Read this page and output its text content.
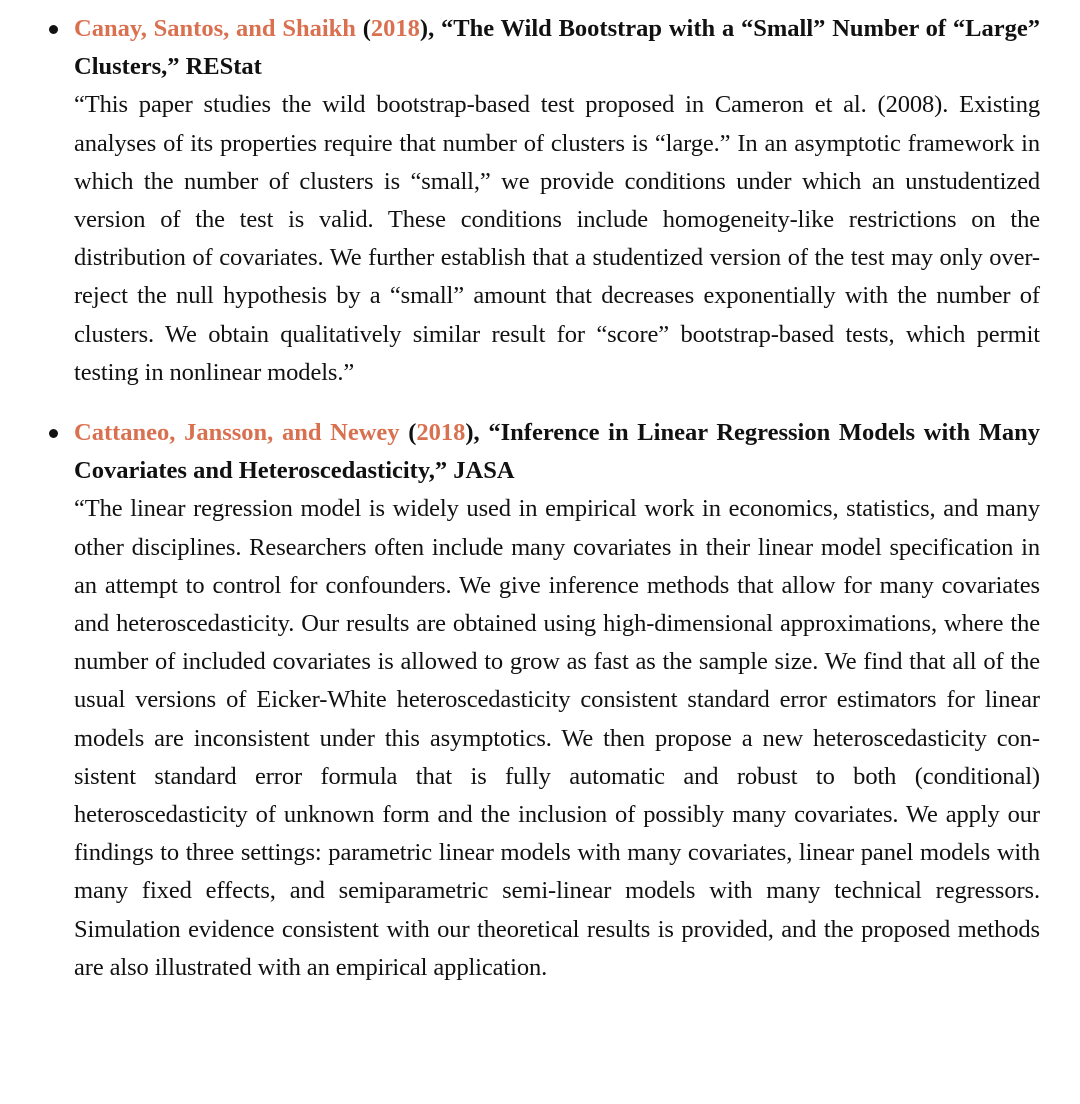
Canay, Santos, and Shaikh (2018), “The Wild Bootstrap with a “Small” Number of “Large” Clusters,” REStat
“This paper studies the wild bootstrap-based test proposed in Cameron et al. (2008). Existing analyses of its properties require that number of clusters is “large.” In an asymptotic framework in which the number of clusters is “small,” we provide conditions under which an unstudentized version of the test is valid. These conditions include homogeneity-like restrictions on the distribution of covariates. We further establish that a studentized version of the test may only over-reject the null hypothesis by a “small” amount that decreases exponentially with the number of clusters. We obtain qualitatively similar result for “score” bootstrap-based tests, which permit testing in nonlinear models.”
Cattaneo, Jansson, and Newey (2018), “Inference in Linear Regression Models with Many Covariates and Heteroscedasticity,” JASA
“The linear regression model is widely used in empirical work in economics, statistics, and many other disciplines. Researchers often include many covariates in their linear model specification in an attempt to control for confounders. We give inference methods that allow for many covariates and heteroscedasticity. Our results are obtained using high-dimensional approximations, where the number of included covariates is allowed to grow as fast as the sample size. We find that all of the usual versions of Eicker-White heteroscedasticity consistent standard error estimators for linear models are inconsistent under this asymptotics. We then propose a new heteroscedasticity consistent standard error formula that is fully automatic and robust to both (conditional) heteroscedasticity of unknown form and the inclusion of possibly many covariates. We apply our findings to three settings: parametric linear models with many covariates, linear panel models with many fixed effects, and semiparametric semi-linear models with many technical regressors. Simulation evidence consistent with our theoretical results is provided, and the proposed methods are also illustrated with an empirical application.
